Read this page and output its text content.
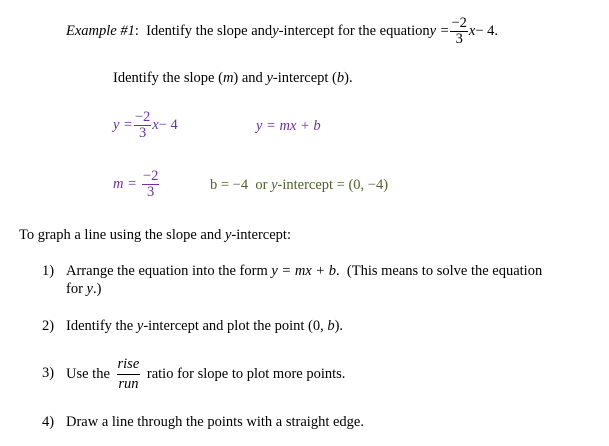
Example #1 : Identify the slope and y -intercept for the equation $y = \frac{-2}{3}$ x − 4.
Identify the slope (m) and y-intercept (b).
$y = \frac{-2}{3}$ x − 4	y = mx + b
$m = \frac{-2}{3}$	b = −4  or y-intercept = (0, −4)
To graph a line using the slope and y-intercept:
1) Arrange the equation into the form y = mx + b.  (This means to solve the equation
for y.)
2) Identify the y-intercept and plot the point (0, b).
3) Use the $\frac{\text{rise}}{\text{run}}$ ratio for slope to plot more points.
4) Draw a line through the points with a straight edge.
